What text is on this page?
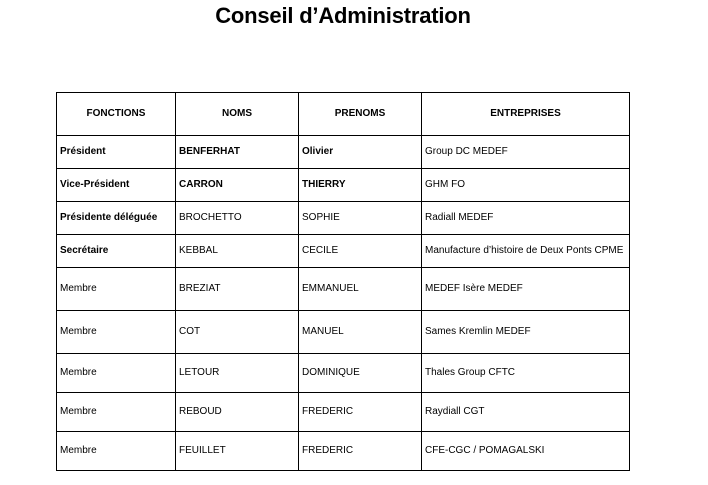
Conseil d’Administration
FONCTIONS	NOMS	PRENOMS	ENTREPRISES
Président	BENFERHAT	Olivier	Group DC MEDEF
Vice-Président	CARRON	THIERRY	GHM FO
Présidente déléguée	BROCHETTO	SOPHIE	Radiall MEDEF
Secrétaire	KEBBAL	CECILE	Manufacture d’histoire de Deux Ponts CPME
Membre	BREZIAT	EMMANUEL	MEDEF Isère MEDEF
Membre	COT	MANUEL	Sames Kremlin MEDEF
Membre	LETOUR	DOMINIQUE	Thales Group CFTC
Membre	REBOUD	FREDERIC	Raydiall CGT
Membre	FEUILLET	FREDERIC	CFE-CGC / POMAGALSKI
